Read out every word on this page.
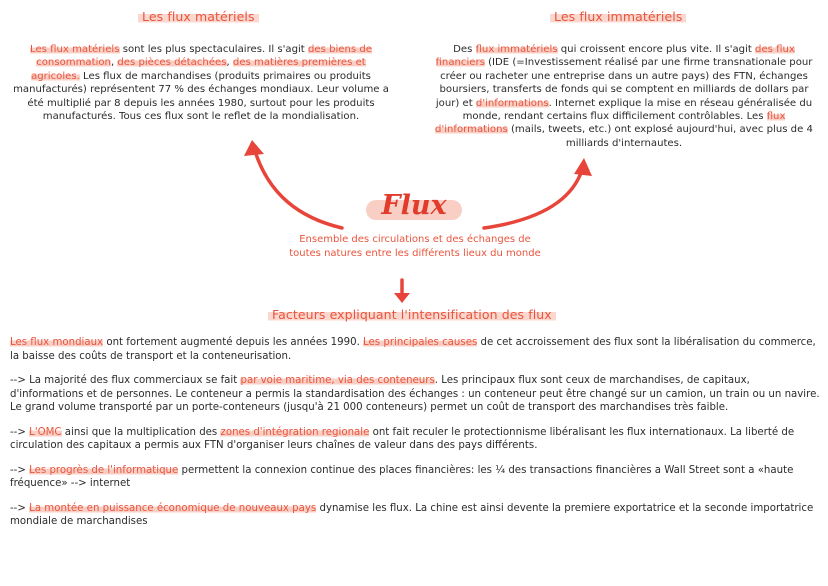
Les flux matériels
Les flux matériels sont les plus spectaculaires. Il s'agit des biens de consommation, des pièces détachées, des matières premières et agricoles. Les flux de marchandises (produits primaires ou produits manufacturés) représentent 77 % des échanges mondiaux. Leur volume a été multiplié par 8 depuis les années 1980, surtout pour les produits manufacturés. Tous ces flux sont le reflet de la mondialisation.
Les flux immatériels
Des flux immatériels qui croissent encore plus vite. Il s'agit des flux financiers (IDE (=Investissement réalisé par une firme transnationale pour créer ou racheter une entreprise dans un autre pays) des FTN, échanges boursiers, transferts de fonds qui se comptent en milliards de dollars par jour) et d'informations. Internet explique la mise en réseau généralisée du monde, rendant certains flux difficilement contrôlables. Les flux d'informations (mails, tweets, etc.) ont explosé aujourd'hui, avec plus de 4 milliards d'internautes.
Flux
Ensemble des circulations et des échanges de toutes natures entre les différents lieux du monde
Facteurs expliquant l'intensification des flux

Les flux mondiaux ont fortement augmenté depuis les années 1990. Les principales causes de cet accroissement des flux sont la libéralisation du commerce, la baisse des coûts de transport et la conteneurisation.

--> La majorité des flux commerciaux se fait par voie maritime, via des conteneurs. Les principaux flux sont ceux de marchandises, de capitaux, d'informations et de personnes. Le conteneur a permis la standardisation des échanges : un conteneur peut être changé sur un camion, un train ou un navire. Le grand volume transporté par un porte-conteneurs (jusqu'à 21 000 conteneurs) permet un coût de transport des marchandises très faible.

--> L'OMC ainsi que la multiplication des zones d'intégration regionale ont fait reculer le protectionnisme libéralisant les flux internationaux. La liberté de circulation des capitaux a permis aux FTN d'organiser leurs chaînes de valeur dans des pays différents.

--> Les progrès de l'informatique permettent la connexion continue des places financières: les ¼ des transactions financières a Wall Street sont a «haute fréquence» --> internet

--> La montée en puissance économique de nouveaux pays dynamise les flux. La chine est ainsi devente la premiere exportatrice et la seconde importatrice mondiale de marchandises
